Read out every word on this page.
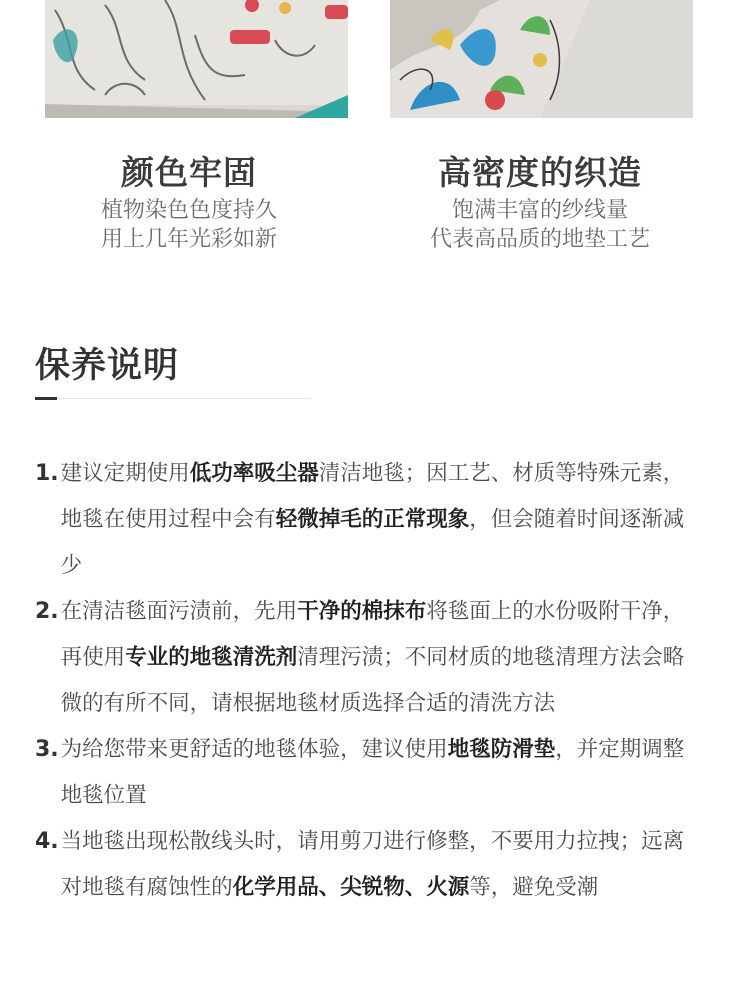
颜色牢固

植物染色色度持久

用上几年光彩如新

高密度的织造

饱满丰富的纱线量

代表高品质的地垫工艺

保养说明
1. 建议定期使用低功率吸尘器清洁地毯；因工艺、材质等特殊元素，地毯在使用过程中会有轻微掉毛的正常现象，但会随着时间逐渐减少
2. 在清洁毯面污渍前，先用干净的棉抹布将毯面上的水份吸附干净，再使用专业的地毯清洗剂清理污渍；不同材质的地毯清理方法会略微的有所不同，请根据地毯材质选择合适的清洗方法
3. 为给您带来更舒适的地毯体验，建议使用地毯防滑垫，并定期调整地毯位置
4. 当地毯出现松散线头时，请用剪刀进行修整，不要用力拉拽；远离对地毯有腐蚀性的化学用品、尖锐物、火源等，避免受潮
